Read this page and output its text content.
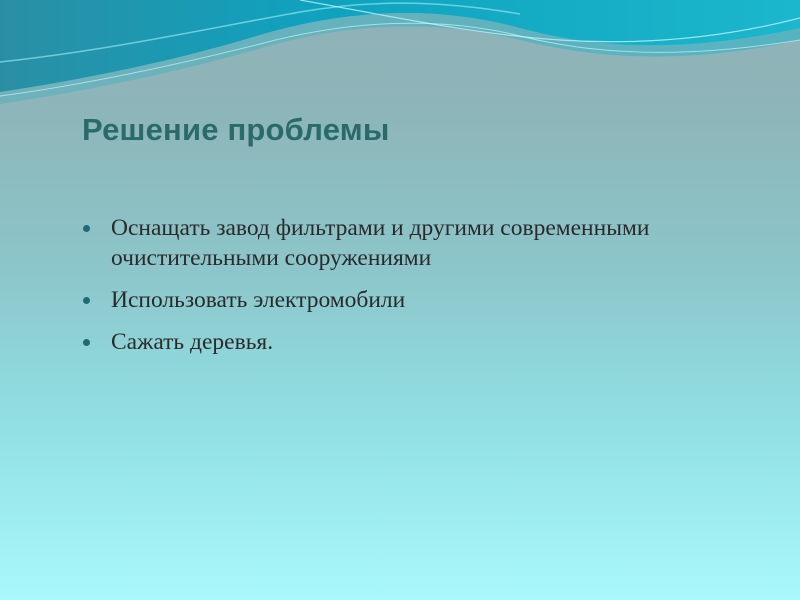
Решение проблемы
Оснащать завод фильтрами и другими современными очистительными сооружениями
Использовать электромобили
Сажать деревья.
